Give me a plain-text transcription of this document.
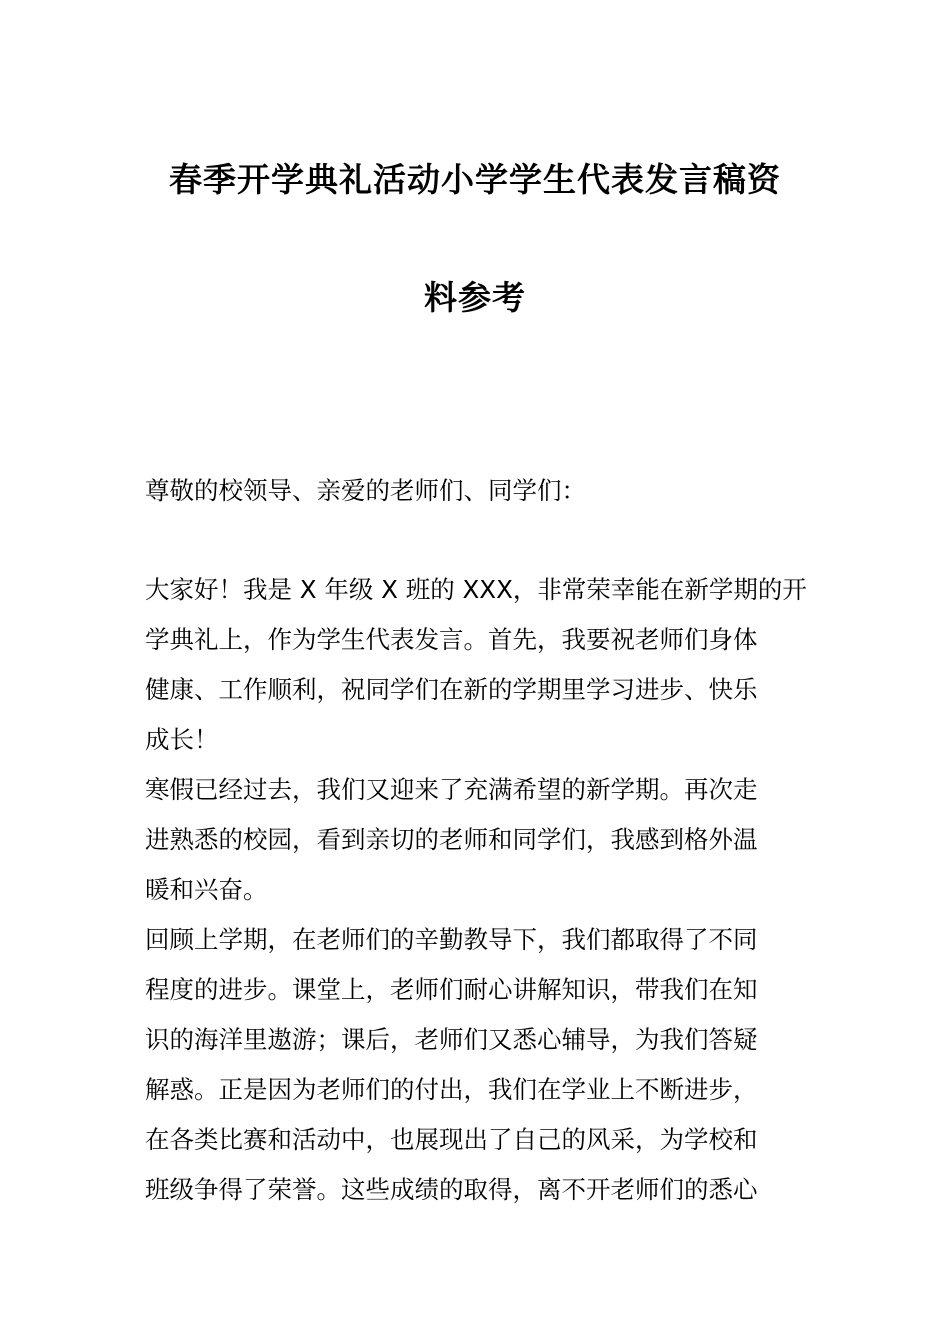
春季开学典礼活动小学学生代表发言稿资
料参考
尊敬的校领导、亲爱的老师们、同学们：
大家好！我是 X 年级 X 班的 XXX，非常荣幸能在新学期的开
学典礼上，作为学生代表发言。首先，我要祝老师们身体
健康、工作顺利，祝同学们在新的学期里学习进步、快乐
成长！
寒假已经过去，我们又迎来了充满希望的新学期。再次走
进熟悉的校园，看到亲切的老师和同学们，我感到格外温
暖和兴奋。
回顾上学期，在老师们的辛勤教导下，我们都取得了不同
程度的进步。课堂上，老师们耐心讲解知识，带我们在知
识的海洋里遨游；课后，老师们又悉心辅导，为我们答疑
解惑。正是因为老师们的付出，我们在学业上不断进步，
在各类比赛和活动中，也展现出了自己的风采，为学校和
班级争得了荣誉。这些成绩的取得，离不开老师们的悉心
